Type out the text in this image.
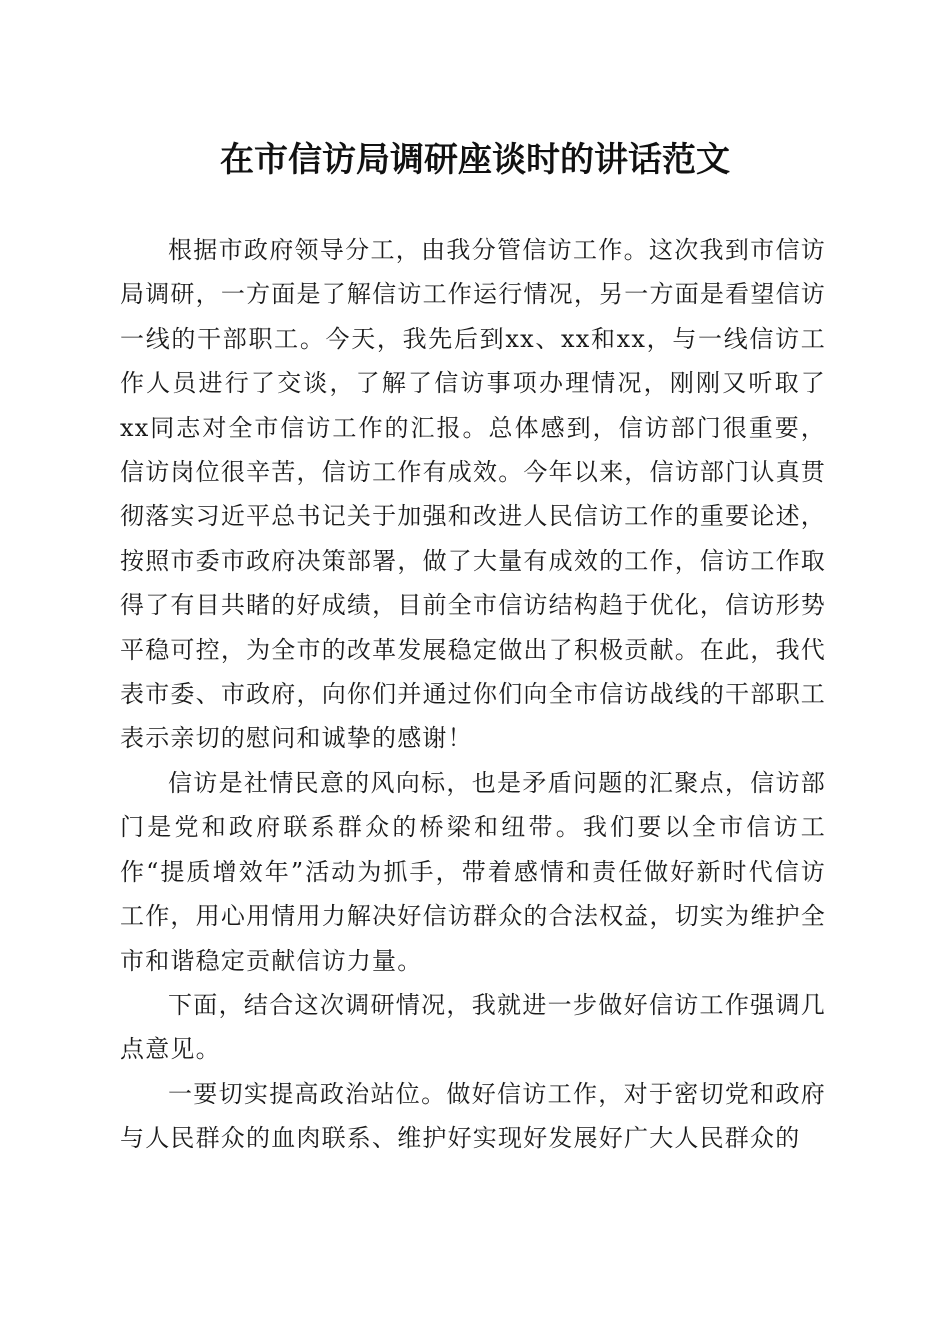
在市信访局调研座谈时的讲话范文

根据市政府领导分工，由我分管信访工作。这次我到市信访局调研，一方面是了解信访工作运行情况，另一方面是看望信访一线的干部职工。今天，我先后到xx、xx和xx，与一线信访工作人员进行了交谈，了解了信访事项办理情况，刚刚又听取了xx同志对全市信访工作的汇报。总体感到，信访部门很重要，信访岗位很辛苦，信访工作有成效。今年以来，信访部门认真贯彻落实习近平总书记关于加强和改进人民信访工作的重要论述，按照市委市政府决策部署，做了大量有成效的工作，信访工作取得了有目共睹的好成绩，目前全市信访结构趋于优化，信访形势平稳可控，为全市的改革发展稳定做出了积极贡献。在此，我代表市委、市政府，向你们并通过你们向全市信访战线的干部职工表示亲切的慰问和诚挚的感谢！

信访是社情民意的风向标，也是矛盾问题的汇聚点，信访部门是党和政府联系群众的桥梁和纽带。我们要以全市信访工作“提质增效年”活动为抓手，带着感情和责任做好新时代信访工作，用心用情用力解决好信访群众的合法权益，切实为维护全市和谐稳定贡献信访力量。

下面，结合这次调研情况，我就进一步做好信访工作强调几点意见。

一要切实提高政治站位。做好信访工作，对于密切党和政府与人民群众的血肉联系、维护好实现好发展好广大人民群众的
